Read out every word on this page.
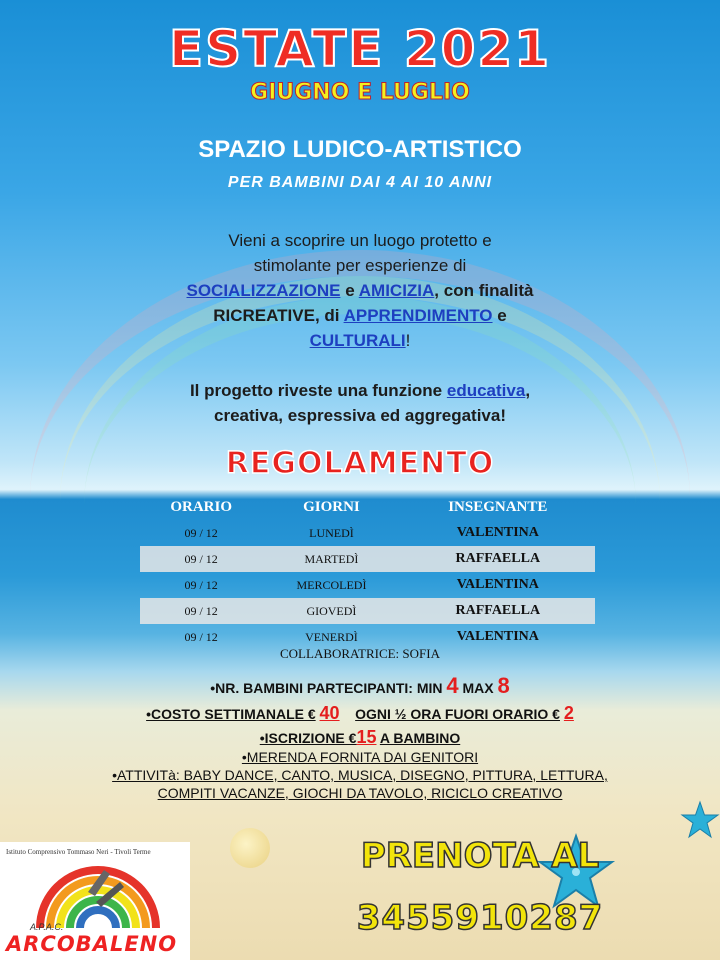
ESTATE 2021
GIUGNO E LUGLIO
SPAZIO LUDICO-ARTISTICO
PER BAMBINI DAI 4 AI 10 ANNI
Vieni a scoprire un luogo protetto e
stimolante per esperienze di
SOCIALIZZAZIONE e AMICIZIA, con finalità
RICREATIVE, di APPRENDIMENTO e
CULTURALI!
Il progetto riveste una funzione educativa,
creativa, espressiva ed aggregativa!
REGOLAMENTO
ORARIO	GIORNI	INSEGNANTE
09 / 12	LUNEDÌ	VALENTINA
09 / 12	MARTEDÌ	RAFFAELLA
09 / 12	MERCOLEDÌ	VALENTINA
09 / 12	GIOVEDÌ	RAFFAELLA
09 / 12	VENERDÌ	VALENTINA
COLLABORATRICE: SOFIA
•NR. BAMBINI PARTECIPANTI: MIN 4 MAX 8
•COSTO SETTIMANALE € 40 OGNI ½ ORA FUORI ORARIO € 2
•ISCRIZIONE €15 A BAMBINO
•MERENDA FORNITA DAI GENITORI
•ATTIVITà: BABY DANCE, CANTO, MUSICA, DISEGNO, PITTURA, LETTURA,
COMPITI VACANZE, GIOCHI DA TAVOLO, RICICLO CREATIVO
PRENOTA AL
3455910287
Istituto Comprensivo Tommaso Neri - Tivoli Terme
A.P.A.C.
ARCOBALENO
